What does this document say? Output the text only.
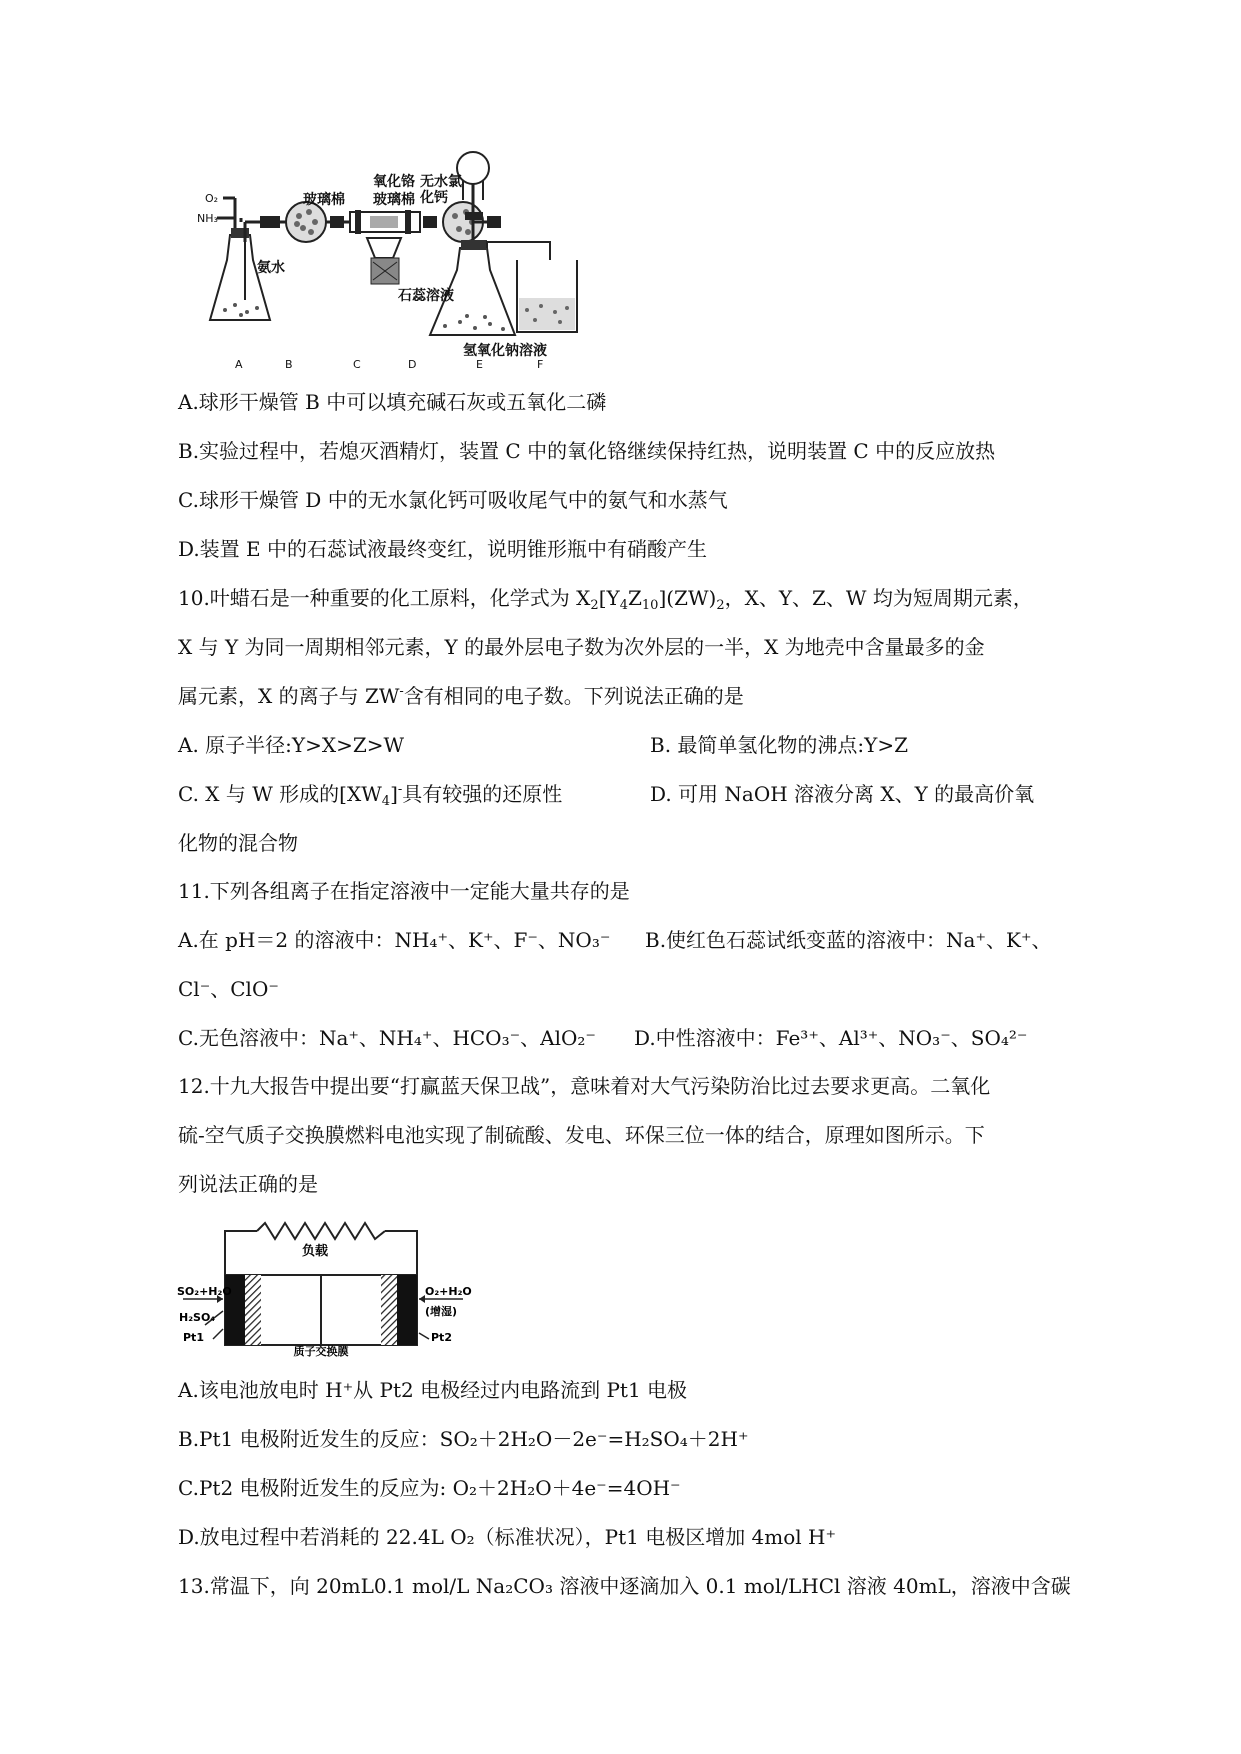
O₂
NH₃
氧化铬
玻璃棉 玻璃棉
无水氯
化钙
氨水
石蕊溶液
氢氧化钠溶液
A	B	C	D	E	F
A.球形干燥管 B 中可以填充碱石灰或五氧化二磷
B.实验过程中，若熄灭酒精灯，装置 C 中的氧化铬继续保持红热，说明装置 C 中的反应放热
C.球形干燥管 D 中的无水氯化钙可吸收尾气中的氨气和水蒸气
D.装置 E 中的石蕊试液最终变红，说明锥形瓶中有硝酸产生
10.叶蜡石是一种重要的化工原料，化学式为 $X_2[Y_4Z_{10}](ZW)_2$，X、Y、Z、W 均为短周期元素，
X 与 Y 为同一周期相邻元素，Y 的最外层电子数为次外层的一半，X 为地壳中含量最多的金
属元素，X 的离子与 ZW-含有相同的电子数。下列说法正确的是
A. 原子半径:Y>X>Z>W	B. 最简单氢化物的沸点:Y>Z
C. X 与 W 形成的$[XW_4]^-$具有较强的还原性	D. 可用 NaOH 溶液分离 X、Y 的最高价氧
化物的混合物
11.下列各组离子在指定溶液中一定能大量共存的是
A.在 pH＝2 的溶液中：NH₄⁺、K⁺、F⁻、NO₃⁻ B.使红色石蕊试纸变蓝的溶液中：Na⁺、K⁺、
Cl⁻、ClO⁻
C.无色溶液中：Na⁺、NH₄⁺、HCO₃⁻、AlO₂⁻ D.中性溶液中：Fe³⁺、Al³⁺、NO₃⁻、SO₄²⁻
12.十九大报告中提出要“打赢蓝天保卫战”，意味着对大气污染防治比过去要求更高。二氧化
硫-空气质子交换膜燃料电池实现了制硫酸、发电、环保三位一体的结合，原理如图所示。下
列说法正确的是
负载
SO₂+H₂O
H₂SO₄
Pt1
O₂+H₂O
(增湿)
Pt2
质子交换膜
A.该电池放电时 H⁺从 Pt2 电极经过内电路流到 Pt1 电极
B.Pt1 电极附近发生的反应：SO₂＋2H₂O－2e⁻=H₂SO₄＋2H⁺
C.Pt2 电极附近发生的反应为: O₂＋2H₂O＋4e⁻=4OH⁻
D.放电过程中若消耗的 22.4L O₂（标准状况），Pt1 电极区增加 4mol H⁺
13.常温下，向 20mL0.1 mol/L Na₂CO₃ 溶液中逐滴加入 0.1 mol/LHCl 溶液 40mL，溶液中含碳
